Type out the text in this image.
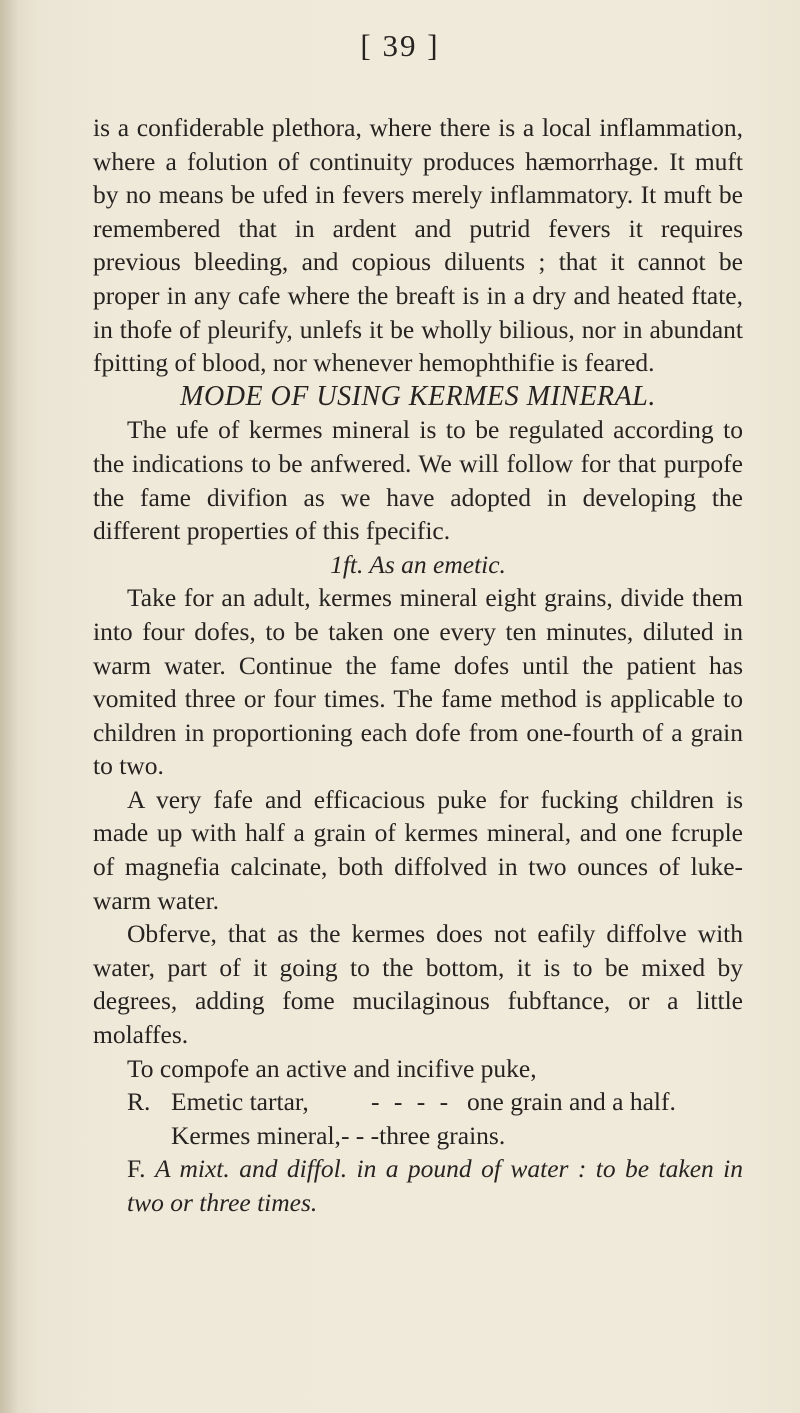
[ 39 ]

is a confiderable plethora, where there is a local inflammation, where a folution of continuity produces hæmorrhage. It muft by no means be ufed in fevers merely inflammatory. It muft be remembered that in ardent and putrid fevers it requires previous bleeding, and copious diluents ; that it cannot be proper in any cafe where the breaft is in a dry and heated ftate, in thofe of pleurify, unlefs it be wholly bilious, nor in abundant fpitting of blood, nor whenever hemophthifie is feared.

MODE OF USING KERMES MINERAL.

The ufe of kermes mineral is to be regulated according to the indications to be anfwered. We will follow for that purpofe the fame divifion as we have adopted in developing the different properties of this fpecific.

1ft. As an emetic.

Take for an adult, kermes mineral eight grains, divide them into four dofes, to be taken one every ten minutes, diluted in warm water. Continue the fame dofes until the patient has vomited three or four times. The fame method is applicable to children in proportioning each dofe from one-fourth of a grain to two.

A very fafe and efficacious puke for fucking children is made up with half a grain of kermes mineral, and one fcruple of magnefia calcinate, both diffolved in two ounces of luke-warm water.

Obferve, that as the kermes does not eafily diffolve with water, part of it going to the bottom, it is to be mixed by degrees, adding fome mucilaginous fubftance, or a little molaffes.

To compofe an active and incifive puke,

R. Emetic tartar, - - - - one grain and a half.
Kermes mineral,- - -three grains.

F. A mixt. and diffol. in a pound of water : to be taken in two or three times.
